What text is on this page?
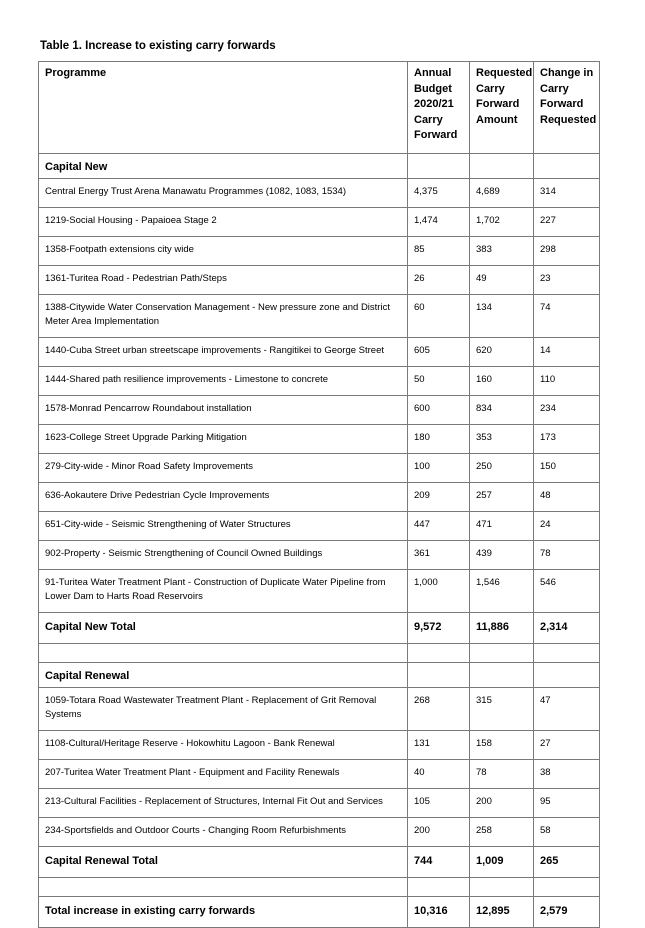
Table 1. Increase to existing carry forwards
Programme	Annual Budget 2020/21 Carry Forward	Requested Carry Forward Amount	Change in Carry Forward Requested
Capital New			
Central Energy Trust Arena Manawatu Programmes (1082, 1083, 1534)	4,375	4,689	314
1219-Social Housing - Papaioea Stage 2	1,474	1,702	227
1358-Footpath extensions city wide	85	383	298
1361-Turitea Road - Pedestrian Path/Steps	26	49	23
1388-Citywide Water Conservation Management - New pressure zone and District Meter Area Implementation	60	134	74
1440-Cuba Street urban streetscape improvements - Rangitikei to George Street	605	620	14
1444-Shared path resilience improvements - Limestone to concrete	50	160	110
1578-Monrad Pencarrow Roundabout installation	600	834	234
1623-College Street Upgrade Parking Mitigation	180	353	173
279-City-wide - Minor Road Safety Improvements	100	250	150
636-Aokautere Drive Pedestrian Cycle Improvements	209	257	48
651-City-wide - Seismic Strengthening of Water Structures	447	471	24
902-Property - Seismic Strengthening of Council Owned Buildings	361	439	78
91-Turitea Water Treatment Plant - Construction of Duplicate Water Pipeline from Lower Dam to Harts Road Reservoirs	1,000	1,546	546
Capital New Total	9,572	11,886	2,314

Capital Renewal			
1059-Totara Road Wastewater Treatment Plant - Replacement of Grit Removal Systems	268	315	47
1108-Cultural/Heritage Reserve - Hokowhitu Lagoon - Bank Renewal	131	158	27
207-Turitea Water Treatment Plant - Equipment and Facility Renewals	40	78	38
213-Cultural Facilities - Replacement of Structures, Internal Fit Out and Services	105	200	95
234-Sportsfields and Outdoor Courts - Changing Room Refurbishments	200	258	58
Capital Renewal Total	744	1,009	265

Total increase in existing carry forwards	10,316	12,895	2,579
